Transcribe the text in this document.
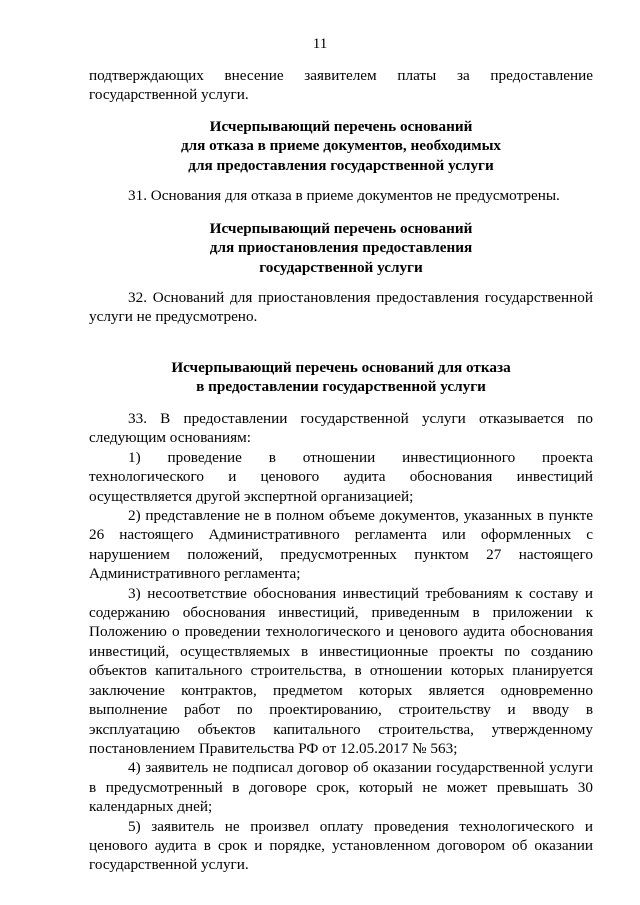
11
подтверждающих внесение заявителем платы за предоставление
государственной услуги.
Исчерпывающий перечень оснований
для отказа в приеме документов, необходимых
для предоставления государственной услуги
31. Основания для отказа в приеме документов не предусмотрены.
Исчерпывающий перечень оснований
для приостановления предоставления
государственной услуги
32. Оснований для приостановления предоставления государственной
услуги не предусмотрено.
Исчерпывающий перечень оснований для отказа
в предоставлении государственной услуги
33. В предоставлении государственной услуги отказывается по
следующим основаниям:
1) проведение в отношении инвестиционного проекта
технологического и ценового аудита обоснования инвестиций
осуществляется другой экспертной организацией;
2) представление не в полном объеме документов, указанных в пункте
26 настоящего Административного регламента или оформленных с
нарушением положений, предусмотренных пунктом 27 настоящего
Административного регламента;
3) несоответствие обоснования инвестиций требованиям к составу и
содержанию обоснования инвестиций, приведенным в приложении к
Положению о проведении технологического и ценового аудита обоснования
инвестиций, осуществляемых в инвестиционные проекты по созданию
объектов капитального строительства, в отношении которых планируется
заключение контрактов, предметом которых является одновременно
выполнение работ по проектированию, строительству и вводу в
эксплуатацию объектов капитального строительства, утвержденному
постановлением Правительства РФ от 12.05.2017 № 563;
4) заявитель не подписал договор об оказании государственной услуги
в предусмотренный в договоре срок, который не может превышать 30
календарных дней;
5) заявитель не произвел оплату проведения технологического и
ценового аудита в срок и порядке, установленном договором об оказании
государственной услуги.
